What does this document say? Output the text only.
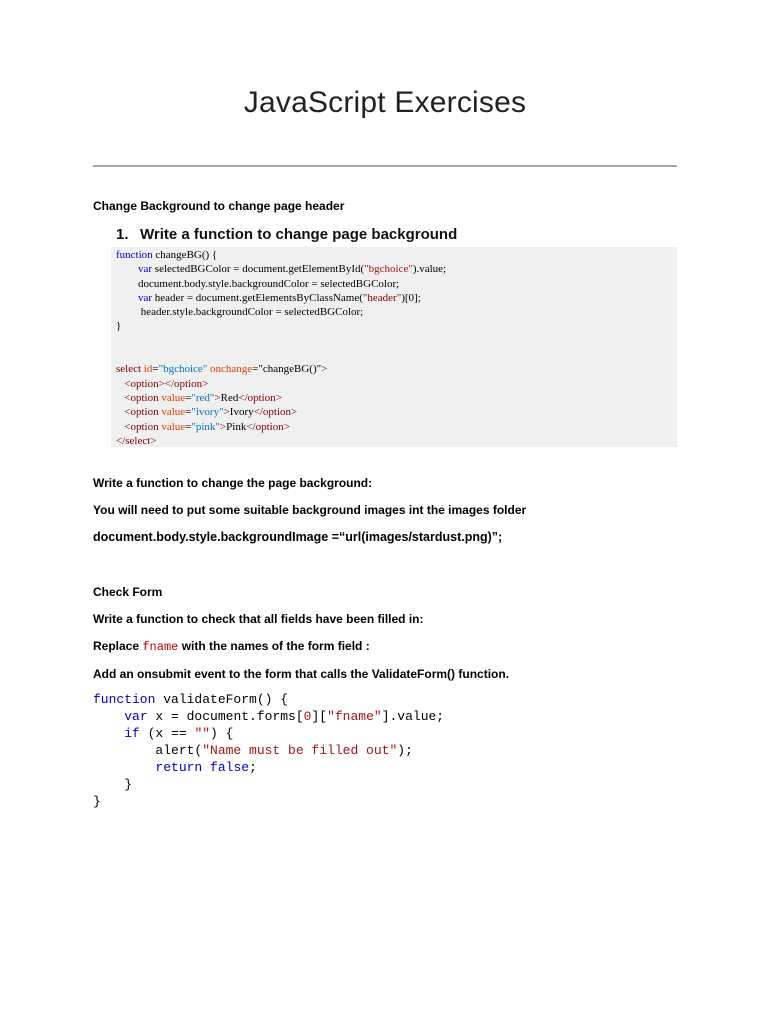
JavaScript Exercises

Change Background to change page header

1. Write a function to change page background

function changeBG() {
var selectedBGColor = document.getElementById("bgchoice").value;
document.body.style.backgroundColor = selectedBGColor;
var header = document.getElementsByClassName("header")[0];
header.style.backgroundColor = selectedBGColor;
}

select id="bgchoice" onchange="changeBG()">
<option></option>
<option value="red">Red</option>
<option value="ivory">Ivory</option>
<option value="pink">Pink</option>
</select>

Write a function to change the page background:

You will need to put some suitable background images int the images folder

document.body.style.backgroundImage =“url(images/stardust.png)”;

Check Form

Write a function to check that all fields have been filled in:

Replace fname with the names of the form field :

Add an onsubmit event to the form that calls the ValidateForm() function.

function validateForm() {
var x = document.forms[0]["fname"].value;
if (x == "") {
alert("Name must be filled out");
return false;
}
}
